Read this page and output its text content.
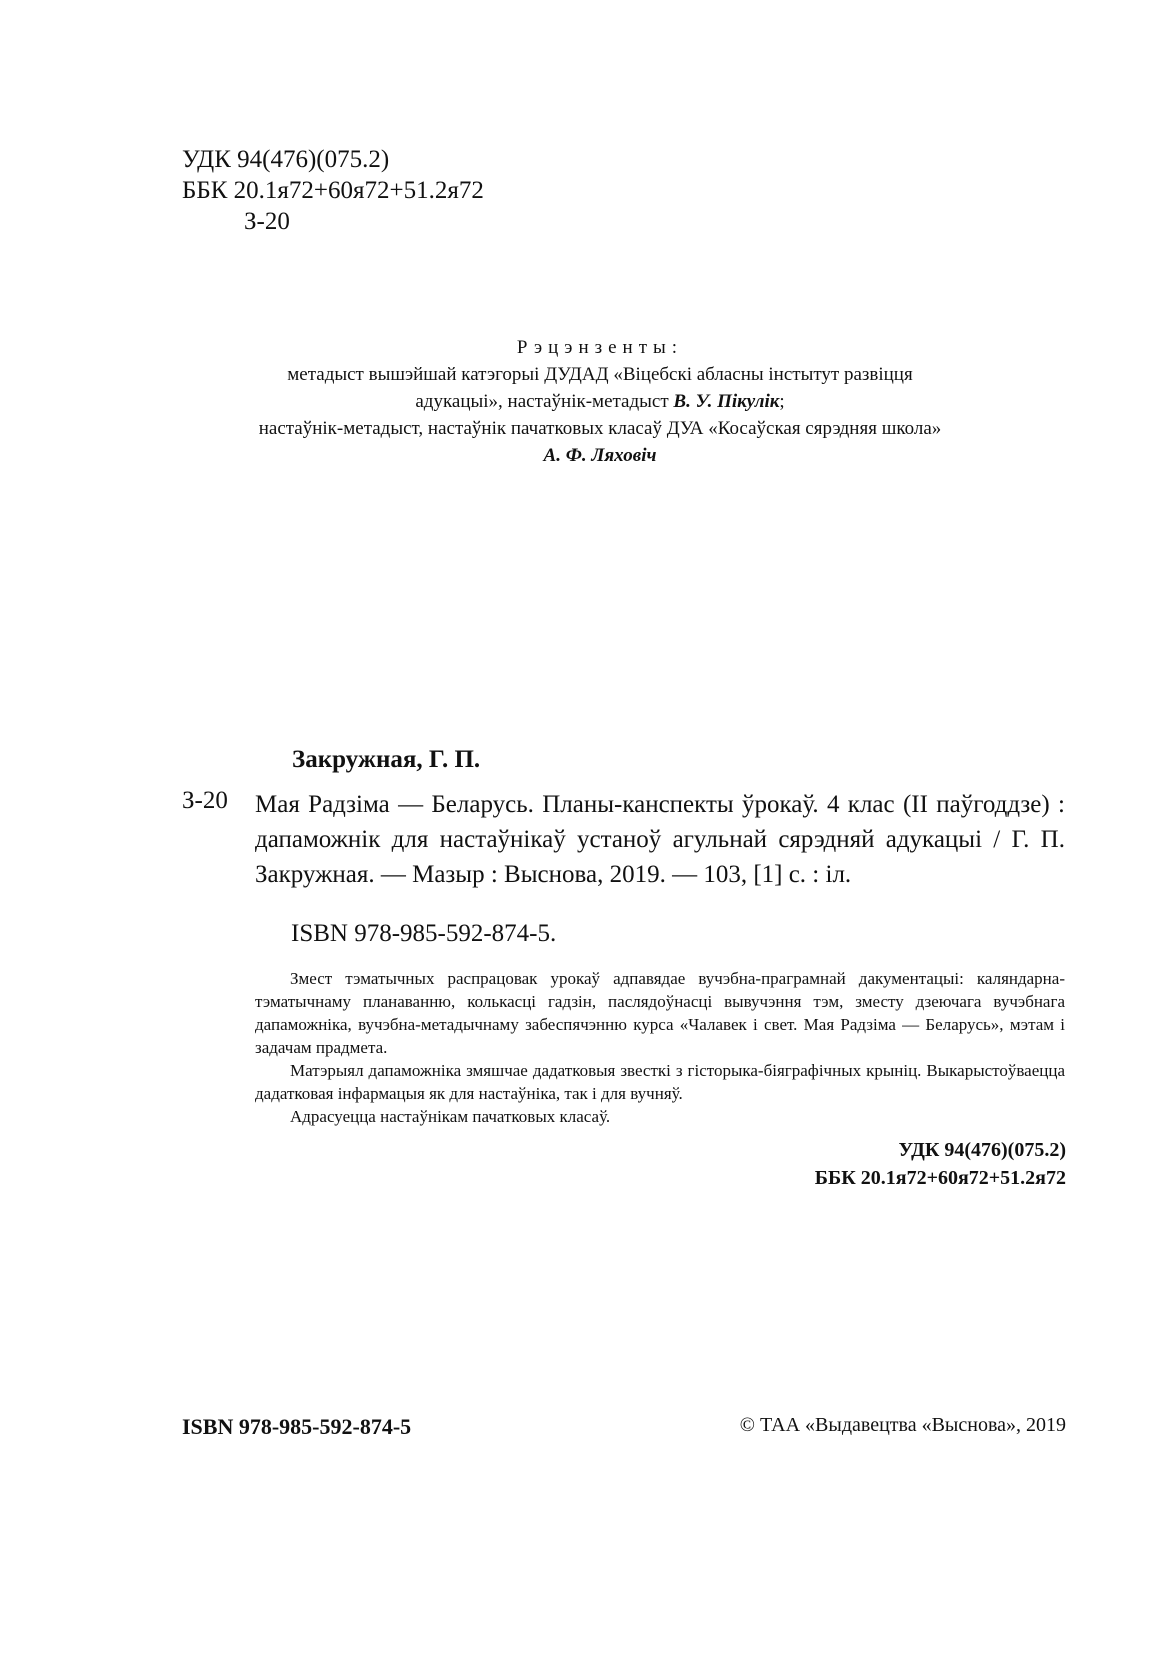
УДК 94(476)(075.2)
ББК 20.1я72+60я72+51.2я72
З-20
Рэцэнзенты:
метадыст вышэйшай катэгорыі ДУДАД «Віцебскі абласны інстытут развіцця
адукацыі», настаўнік-метадыст В. У. Пікулік;
настаўнік-метадыст, настаўнік пачатковых класаў ДУА «Косаўская сярэдняя школа»
А. Ф. Ляховіч
Закружная, Г. П.
З-20 Мая Радзіма — Беларусь. Планы-канспекты ўрокаў. 4 клас (ІІ паўгоддзе) : дапаможнік для настаўнікаў устаноў агульнай сярэдняй адукацыі / Г. П. Закружная. — Мазыр : Выснова, 2019. — 103, [1] с. : іл.
ISBN 978-985-592-874-5.

Змест тэматычных распрацовак урокаў адпавядае вучэбна-праграмнай дакументацыі: каляндарна-тэматычнаму планаванню, колькасці гадзін, паслядоўнасці вывучэння тэм, зместу дзеючага вучэбнага дапаможніка, вучэбна-метадычнаму забеспячэнню курса «Чалавек і свет. Мая Радзіма — Беларусь», мэтам і задачам прадмета.

Матэрыял дапаможніка змяшчае дадатковыя звесткі з гісторыка-біяграфічных крыніц. Выкарыстоўваецца дадатковая інфармацыя як для настаўніка, так і для вучняў.

Адрасуецца настаўнікам пачатковых класаў.

УДК 94(476)(075.2)
ББК 20.1я72+60я72+51.2я72
ISBN 978-985-592-874-5	© ТАА «Выдавецтва «Выснова», 2019
